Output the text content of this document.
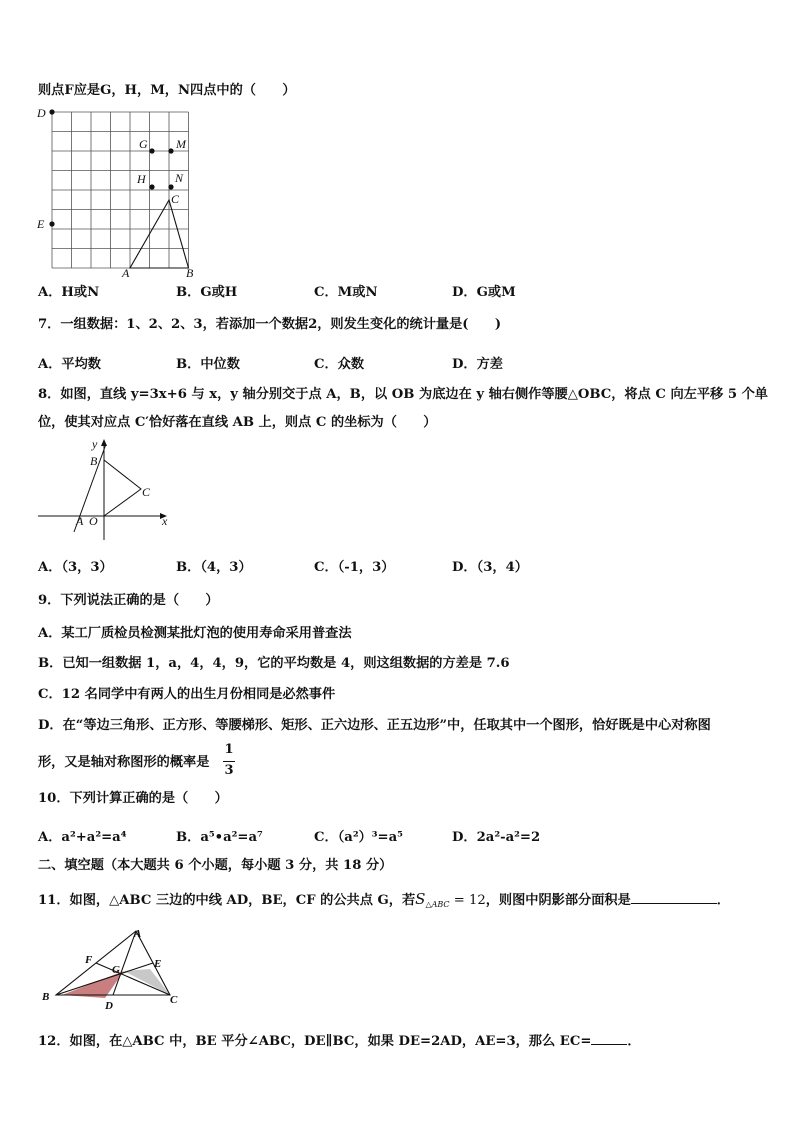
则点F应是G，H，M，N四点中的（　　）
D
G M
H N
C
E
A	B
A．H或N	B．G或H	C．M或N	D．G或M
7．一组数据：1、2、2、3，若添加一个数据2，则发生变化的统计量是(　　)
A．平均数	B．中位数	C．众数	D．方差
8．如图，直线 y=3x+6 与 x，y 轴分别交于点 A，B，以 OB 为底边在 y 轴右侧作等腰△OBC，将点 C 向左平移 5 个单
位，使其对应点 C′恰好落在直线 AB 上，则点 C 的坐标为（　　）
y
B
C
A O	x
A．（3，3）	B．（4，3）	C．（-1，3）	D．（3，4）
9．下列说法正确的是（　　）
A．某工厂质检员检测某批灯泡的使用寿命采用普查法
B．已知一组数据 1，a，4，4，9，它的平均数是 4，则这组数据的方差是 7.6
C．12 名同学中有两人的出生月份相同是必然事件
D．在“等边三角形、正方形、等腰梯形、矩形、正六边形、正五边形”中，任取其中一个图形，恰好既是中心对称图
形，又是轴对称图形的概率是
1
3
10．下列计算正确的是（　　）
A．a²+a²=a⁴	B．a⁵•a²=a⁷	C．（a²）³=a⁵	D．2a²-a²=2
二、填空题（本大题共 6 个小题，每小题 3 分，共 18 分）
11．如图，△ABC 三边的中线 AD，BE，CF 的公共点 G，若$S_{\triangle ABC} = 12$，则图中阴影部分面积是	．
A
F
G	E
B
D	C
12．如图，在△ABC 中，BE 平分∠ABC，DE∥BC，如果 DE=2AD，AE=3，那么 EC=	．
